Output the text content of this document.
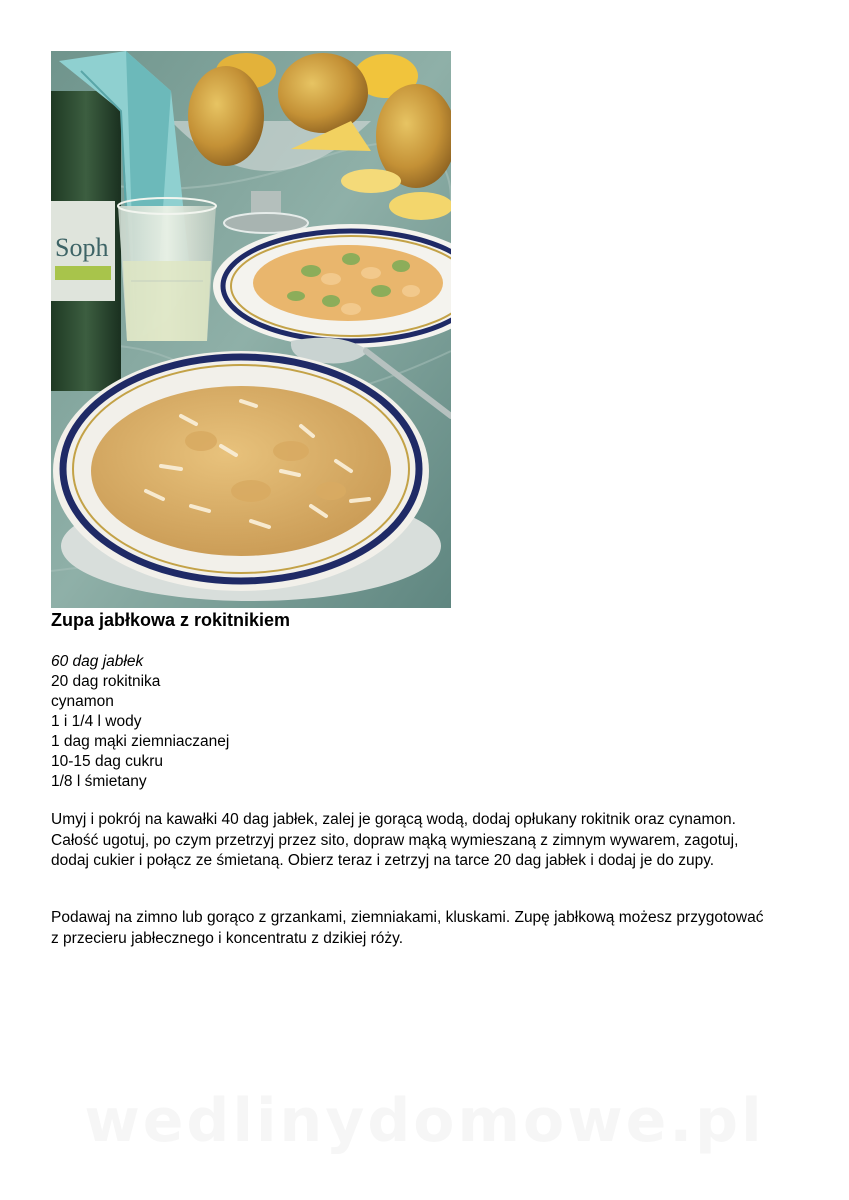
Soph
Zupa jabłkowa z rokitnikiem
60 dag jabłek
20 dag rokitnika
cynamon
1 i 1/4 l wody
1 dag mąki ziemniaczanej
10-15 dag cukru
1/8 l śmietany

Umyj i pokrój na kawałki 40 dag jabłek, zalej je gorącą wodą, dodaj opłukany rokitnik oraz cynamon. Całość ugotuj, po czym przetrzyj przez sito, dopraw mąką wymieszaną z zimnym wywarem, zagotuj, dodaj cukier i połącz ze śmietaną. Obierz teraz i zetrzyj na tarce 20 dag jabłek i dodaj je do zupy.

Podawaj na zimno lub gorąco z grzankami, ziemniakami, kluskami. Zupę jabłkową możesz przygotować z przecieru jabłecznego i koncentratu z dzikiej róży.

wedlinydomowe.pl
